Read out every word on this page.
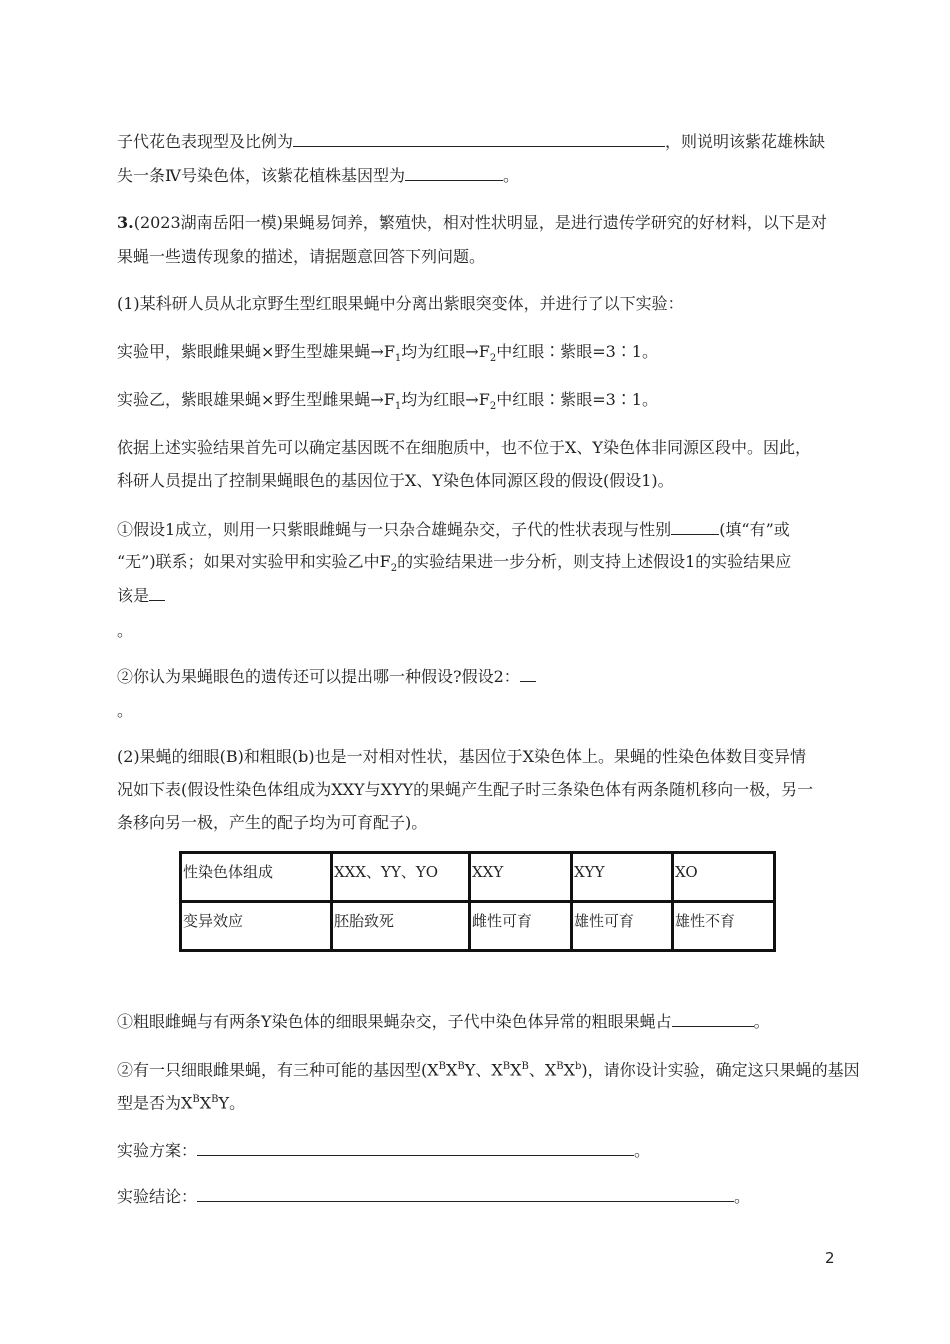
子代花色表现型及比例为	，则说明该紫花雄株缺
失一条Ⅳ号染色体，该紫花植株基因型为	。
3.(2023湖南岳阳一模)果蝇易饲养，繁殖快，相对性状明显，是进行遗传学研究的好材料，以下是对
果蝇一些遗传现象的描述，请据题意回答下列问题。
(1)某科研人员从北京野生型红眼果蝇中分离出紫眼突变体，并进行了以下实验：
实验甲，紫眼雌果蝇×野生型雄果蝇$\to F_1$均为红眼$\to F_2$中红眼∶紫眼=3∶1。
实验乙，紫眼雄果蝇×野生型雌果蝇$\to F_1$均为红眼$\to F_2$中红眼∶紫眼=3∶1。
依据上述实验结果首先可以确定基因既不在细胞质中，也不位于X、Y染色体非同源区段中。因此，
科研人员提出了控制果蝇眼色的基因位于X、Y染色体同源区段的假设(假设1)。
①假设1成立，则用一只紫眼雌蝇与一只杂合雄蝇杂交，子代的性状表现与性别	(填“有”或
“无”)联系；如果对实验甲和实验乙中$F_2$的实验结果进一步分析，则支持上述假设1的实验结果应
该是
。
②你认为果蝇眼色的遗传还可以提出哪一种假设?假设2：
。
(2)果蝇的细眼(B)和粗眼(b)也是一对相对性状，基因位于X染色体上。果蝇的性染色体数目变异情
况如下表(假设性染色体组成为XXY与XYY的果蝇产生配子时三条染色体有两条随机移向一极，另一
条移向另一极，产生的配子均为可育配子)。
性染色体组成	XXX、YY、YO	XXY	XYY	XO
变异效应	胚胎致死	雌性可育	雄性可育	雄性不育
①粗眼雌蝇与有两条Y染色体的细眼果蝇杂交，子代中染色体异常的粗眼果蝇占	。
②有一只细眼雌果蝇，有三种可能的基因型($X^BX^BY$、$X^BX^B$、$X^BX^b$)，请你设计实验，确定这只果蝇的基因
型是否为$X^BX^BY$。
实验方案：	。
实验结论：	。
2
